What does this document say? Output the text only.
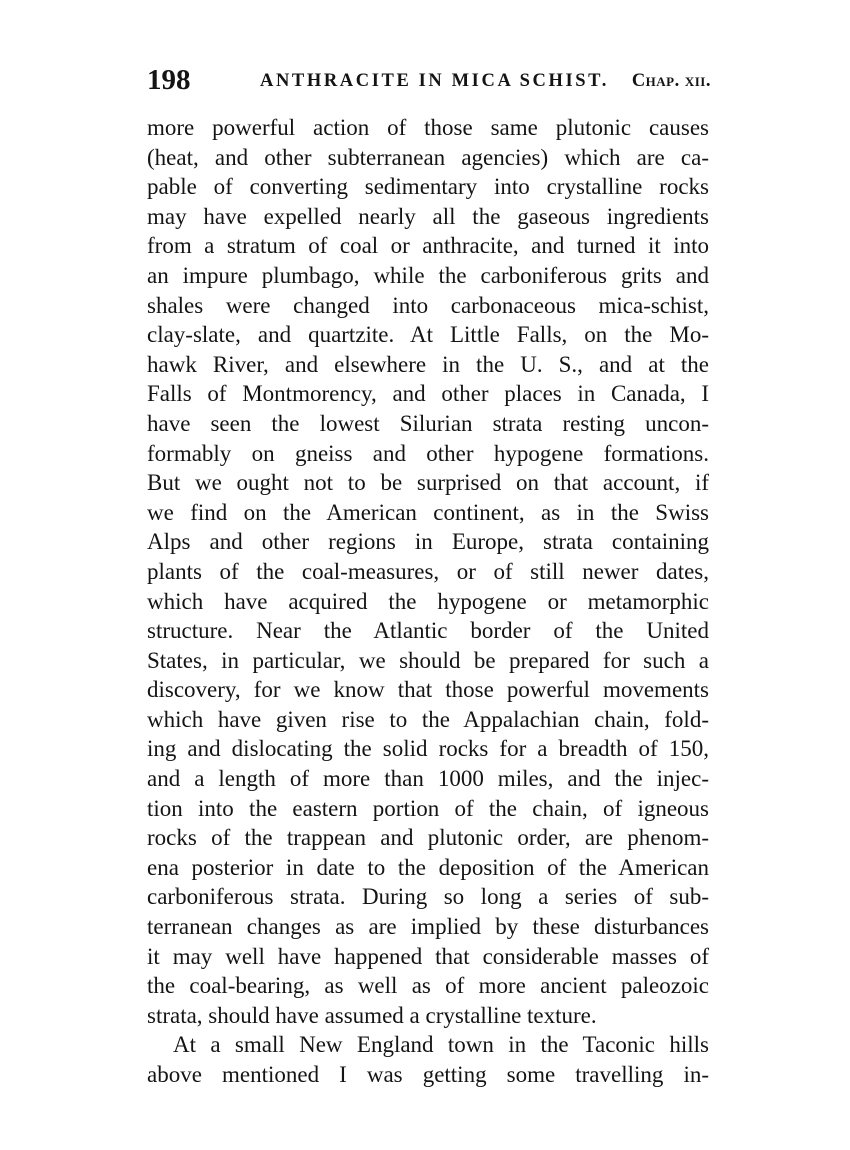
198	ANTHRACITE IN MICA SCHIST. Chap. xii.
more powerful action of those same plutonic causes
(heat, and other subterranean agencies) which are ca-
pable of converting sedimentary into crystalline rocks
may have expelled nearly all the gaseous ingredients
from a stratum of coal or anthracite, and turned it into
an impure plumbago, while the carboniferous grits and
shales were changed into carbonaceous mica-schist,
clay-slate, and quartzite. At Little Falls, on the Mo-
hawk River, and elsewhere in the U. S., and at the
Falls of Montmorency, and other places in Canada, I
have seen the lowest Silurian strata resting uncon-
formably on gneiss and other hypogene formations.
But we ought not to be surprised on that account, if
we find on the American continent, as in the Swiss
Alps and other regions in Europe, strata containing
plants of the coal-measures, or of still newer dates,
which have acquired the hypogene or metamorphic
structure. Near the Atlantic border of the United
States, in particular, we should be prepared for such a
discovery, for we know that those powerful movements
which have given rise to the Appalachian chain, fold-
ing and dislocating the solid rocks for a breadth of 150,
and a length of more than 1000 miles, and the injec-
tion into the eastern portion of the chain, of igneous
rocks of the trappean and plutonic order, are phenom-
ena posterior in date to the deposition of the American
carboniferous strata. During so long a series of sub-
terranean changes as are implied by these disturbances
it may well have happened that considerable masses of
the coal-bearing, as well as of more ancient paleozoic
strata, should have assumed a crystalline texture.
At a small New England town in the Taconic hills
above mentioned I was getting some travelling in-
